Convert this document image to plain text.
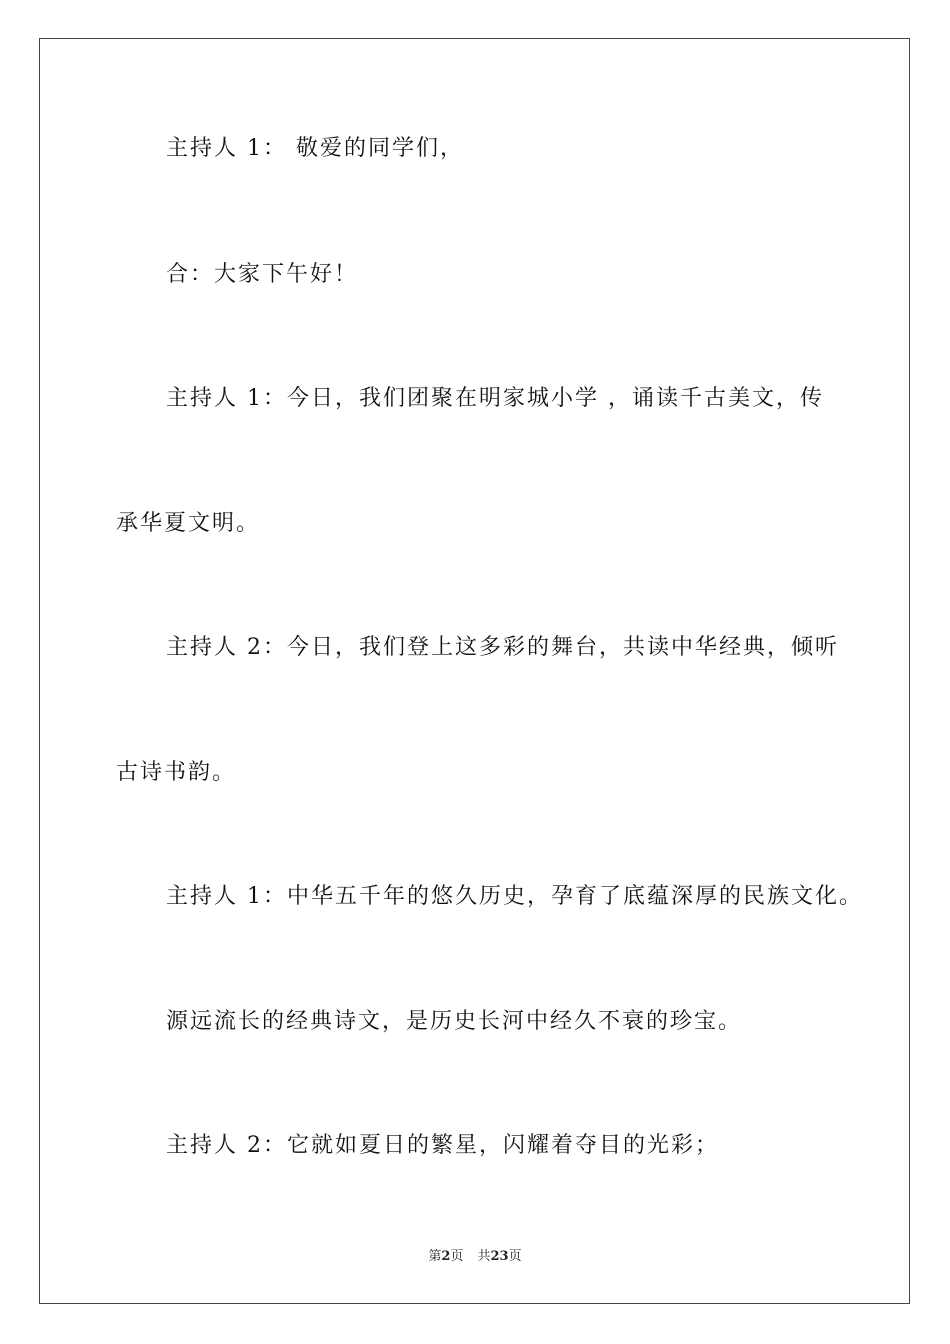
主持人 1： 敬爱的同学们，
合：大家下午好！
主持人 1：今日，我们团聚在明家城小学 ，诵读千古美文，传
承华夏文明。
主持人 2：今日，我们登上这多彩的舞台，共读中华经典，倾听
古诗书韵。
主持人 1：中华五千年的悠久历史，孕育了底蕴深厚的民族文化。
源远流长的经典诗文，是历史长河中经久不衰的珍宝。
主持人 2：它就如夏日的繁星，闪耀着夺目的光彩；
第2页 共23页
